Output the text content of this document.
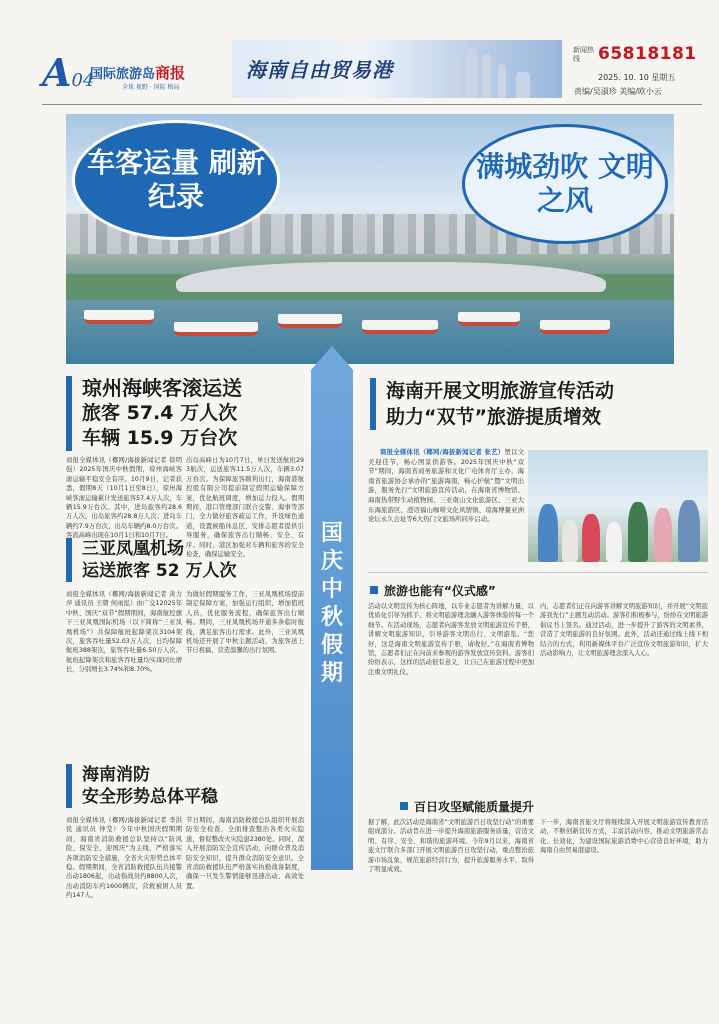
A04
国际旅游岛商报
全球 视野 · 国际 格局
海南自由贸易港
新闻热线	65818181
2025. 10. 10 星期五
责编/吴淑珍 美编/欧小云
车客运量 刷新纪录
满城劲吹 文明之风
国庆中秋假期
琼州海峡客滚运送
旅客 57.4 万人次
车辆 15.9 万台次
商报全媒体讯（椰网/海拔新闻记者 徐明强）2025年国庆中秋假期，琼州海峡客滚运输平稳安全有序。10月9日，记者获悉，假期8天（10月1日至8日），琼州海峡客滚运输累计发送旅客57.4万人次，车辆15.9万台次。其中，进岛旅客约28.6万人次，出岛旅客约28.8万人次；进岛车辆约7.9万台次，出岛车辆约8.0万台次。客流高峰出现在10月1日和10月7日。
出岛高峰日为10月7日，单日发送航班293航次，运送旅客11.5万人次，车辆3.07万台次。为保障旅客顺利出行，海南港航控股有限公司提前制定假期运输保障方案，优化航班调度，增加运力投入。假期期间，港口管理部门联合交警、海事等部门，全力做好旅客疏运工作，开设绿色通道，设置候船休息区，安排志愿者提供引导服务，确保旅客出行顺畅、安全、有序。同时，港区加强对车辆和旅客的安全检查，确保运输安全。
三亚凤凰机场
运送旅客 52 万人次
商报全媒体讯（椰网/海拔新闻记者 黄力萍 通讯员 王朝 何雨泓）由广交12025年中秋、国庆“双节”假期期间，海南航控旗下三亚凤凰国际机场（以下简称“三亚凤凰机场”）共保障航班起降架次3104架次，旅客吞吐量52.03万人次，日均保障航班388架次，旅客吞吐量6.50万人次。航班起降架次和旅客吞吐量均实现同比增长，分别增长3.74%和8.70%。
为做好假期服务工作，三亚凤凰机场提前制定保障方案，加强运行组织，增加值班人员，优化服务流程，确保旅客出行顺畅。期间，三亚凤凰机场开通多条临时航线，满足旅客出行需求。此外，三亚凤凰机场还开展了中秋主题活动，为旅客送上节日祝福，营造温馨的出行氛围。
海南消防
安全形势总体平稳
商报全媒体讯（椰网/海拔新闻记者 李洪民 通讯员 钟莹）今年中秋国庆假期期间，海南省消防救援总队坚持以“防风险、保安全、迎国庆”为主线，严格落实各项消防安全措施，全省火灾形势总体平稳。假期期间，全省消防救援队伍共接警出动1806起，出动指战员约8800人次，出动消防车约1600辆次，营救被困人员约147人。
节日期间，海南消防救援总队组织开展消防安全检查，全面排查整治各类火灾隐患，督促整改火灾隐患2380处。同时，深入开展消防安全宣传活动，向群众普及消防安全知识，提升群众消防安全意识。全省消防救援队伍严格落实执勤战备制度，确保一旦发生警情能够迅速出动、高效处置。
海南开展文明旅游宣传活动
助力“双节”旅游提质增效
商报全媒体讯（椰网/海拔新闻记者 张艺）塑以文美迎佳节，畅心图景供游客。2025年国庆中秋“双节”期间，海南省商务旅游和文化广电体育厅主办，海南省旅游协会承办的“旅游海南，畅心护航”暨“文明出游，服务先行”文明旅游宣传活动，在海南省博物馆、海南热带野生动植物园、三亚南山文化旅游区、三亚大东海旅游区、澄迈福山咖啡文化风情镇、琼海博鳌亚洲论坛永久会址等6大热门文旅场所同步启动。
旅游也能有“仪式感”
活动以文明宣传为核心阵地，以专业志愿者为讲解力量，以优质化引导为抓手，将文明旅游理念融入游客体验的每一个细节。在活动现场，志愿者向游客发放文明旅游宣传手册，讲解文明旅游知识，引导游客文明出行、文明游览。“您好，这是海南文明旅游宣传手册，请收好。”在海南省博物馆，志愿者们正在向前来参观的游客发放宣传资料。游客们纷纷表示，这样的活动很有意义，让自己在旅游过程中更加注重文明礼仪。
内，志愿者们正在向游客讲解文明旅游知识，并开展“文明旅游我先行”主题互动活动。游客们积极参与，纷纷在文明旅游倡议书上签名。通过活动，进一步提升了游客的文明素养，营造了文明旅游的良好氛围。此外，活动还通过线上线下相结合的方式，利用新媒体平台广泛宣传文明旅游知识，扩大活动影响力，让文明旅游理念深入人心。
百日攻坚赋能质量提升
据了解，此次活动是海南省“文明旅游百日攻坚行动”的重要组成部分。活动旨在进一步提升海南旅游服务质量，营造文明、有序、安全、和谐的旅游环境。今年9月以来，海南省旅文厅联合多部门开展文明旅游百日攻坚行动，重点整治旅游市场乱象，规范旅游经营行为，提升旅游服务水平，取得了明显成效。
下一步，海南省旅文厅将继续深入开展文明旅游宣传教育活动，不断创新宣传方式，丰富活动内容，推动文明旅游常态化、长效化，为建设国际旅游消费中心营造良好环境，助力海南自由贸易港建设。
